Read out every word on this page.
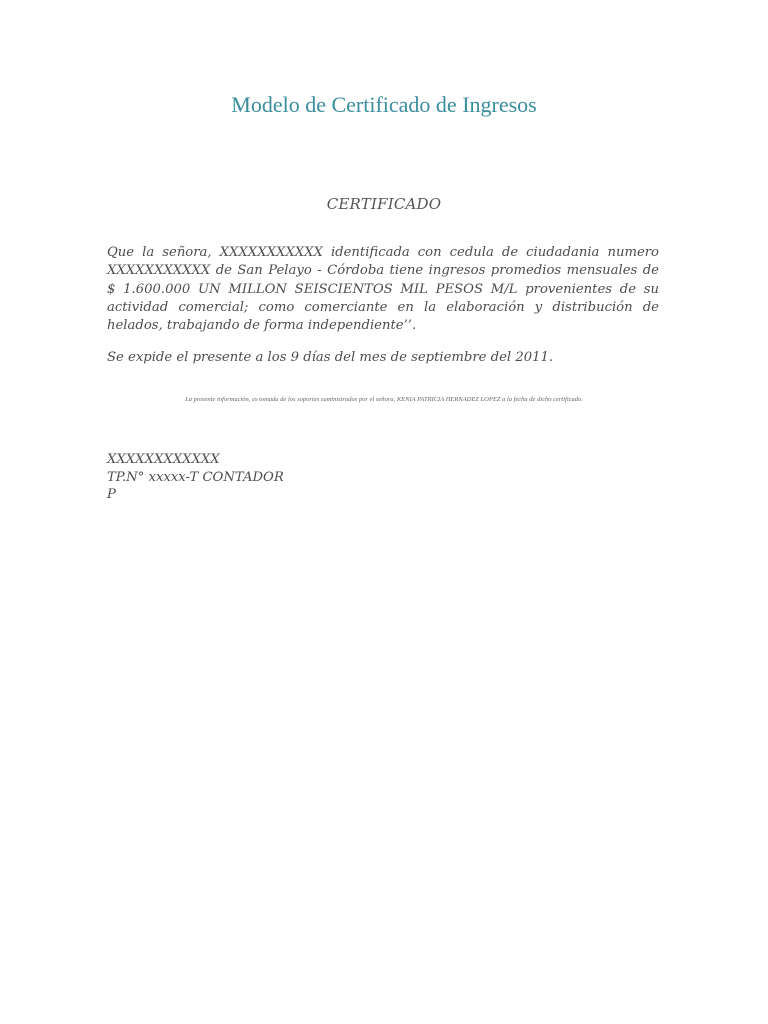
Modelo de Certificado de Ingresos
CERTIFICADO

Que la señora, XXXXXXXXXXX identificada con cedula de ciudadania numero XXXXXXXXXXX de San Pelayo - Córdoba tiene ingresos promedios mensuales de $ 1.600.000 UN MILLON SEISCIENTOS MIL PESOS M/L provenientes de su actividad comercial; como comerciante en la elaboración y distribución de helados, trabajando de forma independiente’’.

Se expide el presente a los 9 días del mes de septiembre del 2011.

La presente información, es tomada de los soportes suministrados por el señora, KENIA PATRICIA HERNADEZ LOPEZ a la fecha de dicho certificado.
XXXXXXXXXXXX
TP.N° xxxxx-T CONTADOR
P
